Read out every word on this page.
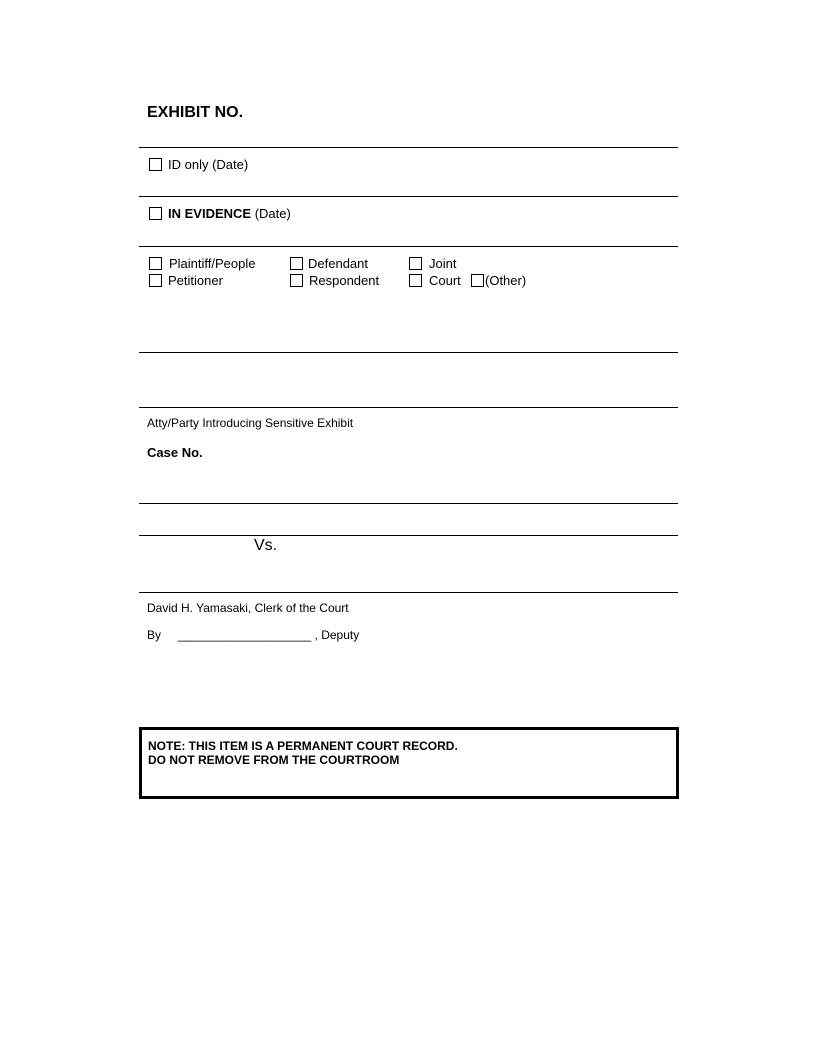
EXHIBIT NO.
ID only (Date)
IN EVIDENCE (Date)
Plaintiff/People	Defendant	Joint
Petitioner	Respondent	Court (Other)
Atty/Party Introducing Sensitive Exhibit
Case No.
Vs.
David H. Yamasaki, Clerk of the Court
By ____________________ , Deputy
NOTE: THIS ITEM IS A PERMANENT COURT RECORD.
DO NOT REMOVE FROM THE COURTROOM
